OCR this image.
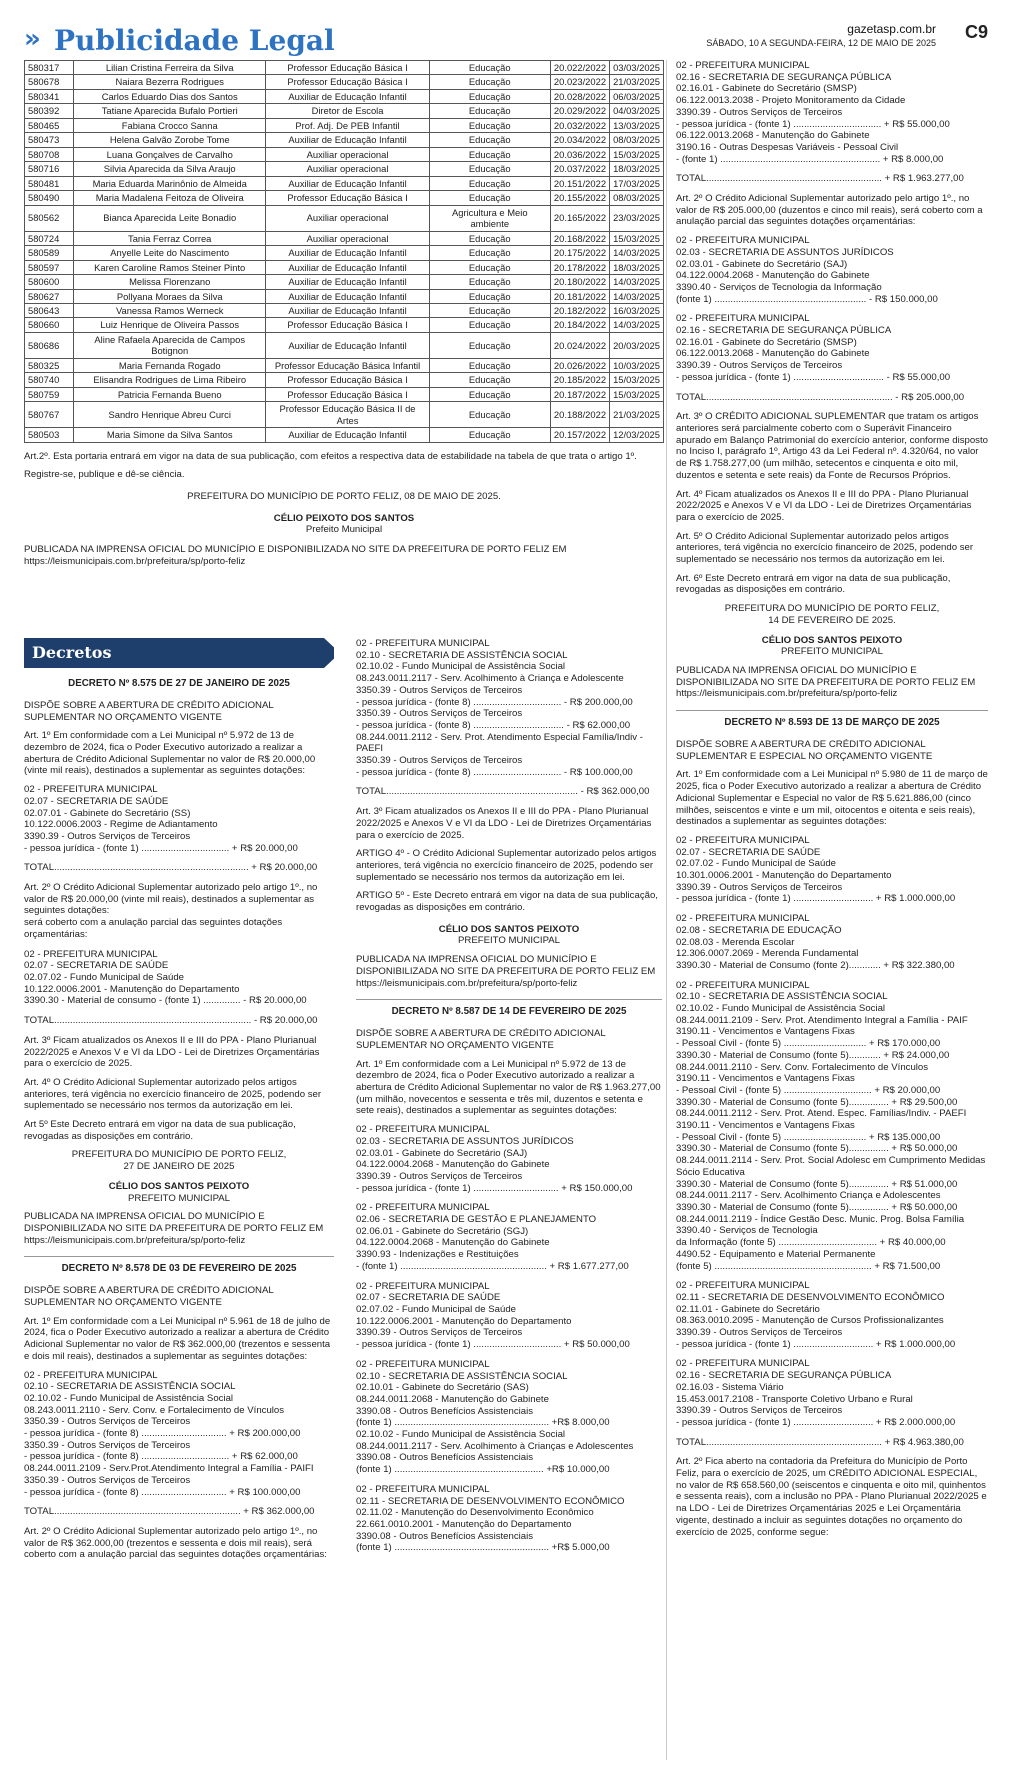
» Publicidade Legal	gazetasp.com.br
SÁBADO, 10 A SEGUNDA-FEIRA, 12 DE MAIO DE 2025
C9
580317	Lilian Cristina Ferreira da Silva	Professor Educação Básica I	Educação	20.022/2022	03/03/2025
580678	Naiara Bezerra Rodrigues	Professor Educação Básica I	Educação	20.023/2022	21/03/2025
580341	Carlos Eduardo Dias dos Santos	Auxiliar de Educação Infantil	Educação	20.028/2022	06/03/2025
580392	Tatiane Aparecida Bufalo Portieri	Diretor de Escola	Educação	20.029/2022	04/03/2025
580465	Fabiana Crocco Sanna	Prof. Adj. De PEB Infantil	Educação	20.032/2022	13/03/2025
580473	Helena Galvão Zorobe Tome	Auxiliar de Educação Infantil	Educação	20.034/2022	08/03/2025
580708	Luana Gonçalves de Carvalho	Auxiliar operacional	Educação	20.036/2022	15/03/2025
580716	Silvia Aparecida da Silva Araujo	Auxiliar operacional	Educação	20.037/2022	18/03/2025
580481	Maria Eduarda Marinônio de Almeida	Auxiliar de Educação Infantil	Educação	20.151/2022	17/03/2025
580490	Maria Madalena Feitoza de Oliveira	Professor Educação Básica I	Educação	20.155/2022	08/03/2025
580562	Bianca Aparecida Leite Bonadio	Auxiliar operacional	Agricultura e Meio ambiente	20.165/2022	23/03/2025
580724	Tania Ferraz Correa	Auxiliar operacional	Educação	20.168/2022	15/03/2025
580589	Anyelle Leite do Nascimento	Auxiliar de Educação Infantil	Educação	20.175/2022	14/03/2025
580597	Karen Caroline Ramos Steiner Pinto	Auxiliar de Educação Infantil	Educação	20.178/2022	18/03/2025
580600	Melissa Florenzano	Auxiliar de Educação Infantil	Educação	20.180/2022	14/03/2025
580627	Pollyana Moraes da Silva	Auxiliar de Educação Infantil	Educação	20.181/2022	14/03/2025
580643	Vanessa Ramos Werneck	Auxiliar de Educação Infantil	Educação	20.182/2022	16/03/2025
580660	Luiz Henrique de Oliveira Passos	Professor Educação Básica I	Educação	20.184/2022	14/03/2025
580686	Aline Rafaela Aparecida de Campos Botignon	Auxiliar de Educação Infantil	Educação	20.024/2022	20/03/2025
580325	Maria Fernanda Rogado	Professor Educação Básica Infantil	Educação	20.026/2022	10/03/2025
580740	Elisandra Rodrigues de Lima Ribeiro	Professor Educação Básica I	Educação	20.185/2022	15/03/2025
580759	Patricia Fernanda Bueno	Professor Educação Básica I	Educação	20.187/2022	15/03/2025
580767	Sandro Henrique Abreu Curci	Professor Educação Básica II de Artes	Educação	20.188/2022	21/03/2025
580503	Maria Simone da Silva Santos	Auxiliar de Educação Infantil	Educação	20.157/2022	12/03/2025

Art.2º. Esta portaria entrará em vigor na data de sua publicação, com efeitos a respectiva data de estabilidade na tabela de que trata o artigo 1º.

Registre-se, publique e dê-se ciência.

PREFEITURA DO MUNICÍPIO DE PORTO FELIZ, 08 DE MAIO DE 2025.

CÉLIO PEIXOTO DOS SANTOS

Prefeito Municipal

PUBLICADA NA IMPRENSA OFICIAL DO MUNICÍPIO E DISPONIBILIZADA NO SITE DA PREFEITURA DE PORTO FELIZ EM https://leismunicipais.com.br/prefeitura/sp/porto-feliz

Decretos
DECRETO Nº 8.575 DE 27 DE JANEIRO DE 2025

DISPÕE SOBRE A ABERTURA DE CRÉDITO ADICIONAL SUPLEMENTAR NO ORÇAMENTO VIGENTE

Art. 1º Em conformidade com a Lei Municipal nº 5.972 de 13 de dezembro de 2024, fica o Poder Executivo autorizado a realizar a abertura de Crédito Adicional Suplementar no valor de R$ 20.000,00 (vinte mil reais), destinados a suplementar as seguintes dotações:

02 - PREFEITURA MUNICIPAL
02.07 - SECRETARIA DE SAÚDE
02.07.01 - Gabinete do Secretário (SS)
10.122.0006.2003 - Regime de Adiantamento
3390.39 - Outros Serviços de Terceiros
- pessoa jurídica - (fonte 1) ................................. + R$ 20.000,00
TOTAL......................................................................... + R$ 20.000,00
Art. 2º O Crédito Adicional Suplementar autorizado pelo artigo 1º., no valor de R$ 20.000,00 (vinte mil reais), destinados a suplementar as seguintes dotações:
será coberto com a anulação parcial das seguintes dotações orçamentárias:
02 - PREFEITURA MUNICIPAL
02.07 - SECRETARIA DE SAÚDE
02.07.02 - Fundo Municipal de Saúde
10.122.0006.2001 - Manutenção do Departamento
3390.30 - Material de consumo - (fonte 1) .............. - R$ 20.000,00
TOTAL.......................................................................... - R$ 20.000,00

Art. 3º Ficam atualizados os Anexos II e III do PPA - Plano Plurianual 2022/2025 e Anexos V e VI da LDO - Lei de Diretrizes Orçamentárias para o exercício de 2025.

Art. 4º O Crédito Adicional Suplementar autorizado pelos artigos anteriores, terá vigência no exercício financeiro de 2025, podendo ser suplementado se necessário nos termos da autorização em lei.

Art 5º Este Decreto entrará em vigor na data de sua publicação, revogadas as disposições em contrário.

PREFEITURA DO MUNICÍPIO DE PORTO FELIZ,
27 DE JANEIRO DE 2025

CÉLIO DOS SANTOS PEIXOTO

PREFEITO MUNICIPAL

PUBLICADA NA IMPRENSA OFICIAL DO MUNICÍPIO E DISPONIBILIZADA NO SITE DA PREFEITURA DE PORTO FELIZ EM https://leismunicipais.com.br/prefeitura/sp/porto-feliz

DECRETO Nº 8.578 DE 03 DE FEVEREIRO DE 2025

DISPÕE SOBRE A ABERTURA DE CRÉDITO ADICIONAL SUPLEMENTAR NO ORÇAMENTO VIGENTE

Art. 1º Em conformidade com a Lei Municipal nº 5.961 de 18 de julho de 2024, fica o Poder Executivo autorizado a realizar a abertura de Crédito Adicional Suplementar no valor de R$ 362.000,00 (trezentos e sessenta e dois mil reais), destinados a suplementar as seguintes dotações:

02 - PREFEITURA MUNICIPAL
02.10 - SECRETARIA DE ASSISTÊNCIA SOCIAL
02.10.02 - Fundo Municipal de Assistência Social
08.243.0011.2110 - Serv. Conv. e Fortalecimento de Vínculos
3350.39 - Outros Serviços de Terceiros
- pessoa jurídica - (fonte 8) ................................ + R$ 200.000,00
3350.39 - Outros Serviços de Terceiros
- pessoa jurídica - (fonte 8) ................................. + R$ 62.000,00
08.244.0011.2109 - Serv.Prot.Atendimento Integral a Família - PAIFI
3350.39 - Outros Serviços de Terceiros
- pessoa jurídica - (fonte 8) ................................ + R$ 100.000,00
TOTAL...................................................................... + R$ 362.000,00

Art. 2º O Crédito Adicional Suplementar autorizado pelo artigo 1º., no valor de R$ 362.000,00 (trezentos e sessenta e dois mil reais), será coberto com a anulação parcial das seguintes dotações orçamentárias:

02 - PREFEITURA MUNICIPAL
02.10 - SECRETARIA DE ASSISTÊNCIA SOCIAL
02.10.02 - Fundo Municipal de Assistência Social
08.243.0011.2117 - Serv. Acolhimento à Criança e Adolescente
3350.39 - Outros Serviços de Terceiros
- pessoa jurídica - (fonte 8) ................................. - R$ 200.000,00
3350.39 - Outros Serviços de Terceiros
- pessoa jurídica - (fonte 8) .................................. - R$ 62.000,00
08.244.0011.2112 - Serv. Prot. Atendimento Especial Família/Indiv - PAEFI
3350.39 - Outros Serviços de Terceiros
- pessoa jurídica - (fonte 8) ................................. - R$ 100.000,00
TOTAL........................................................................ - R$ 362.000,00

Art. 3º Ficam atualizados os Anexos II e III do PPA - Plano Plurianual 2022/2025 e Anexos V e VI da LDO - Lei de Diretrizes Orçamentárias para o exercício de 2025.

ARTIGO 4º - O Crédito Adicional Suplementar autorizado pelos artigos anteriores, terá vigência no exercício financeiro de 2025, podendo ser suplementado se necessário nos termos da autorização em lei.

ARTIGO 5º - Este Decreto entrará em vigor na data de sua publicação, revogadas as disposições em contrário.

CÉLIO DOS SANTOS PEIXOTO

PREFEITO MUNICIPAL

PUBLICADA NA IMPRENSA OFICIAL DO MUNICÍPIO E DISPONIBILIZADA NO SITE DA PREFEITURA DE PORTO FELIZ EM https://leismunicipais.com.br/prefeitura/sp/porto-feliz

DECRETO Nº 8.587 DE 14 DE FEVEREIRO DE 2025

DISPÕE SOBRE A ABERTURA DE CRÉDITO ADICIONAL SUPLEMENTAR NO ORÇAMENTO VIGENTE

Art. 1º Em conformidade com a Lei Municipal nº 5.972 de 13 de dezembro de 2024, fica o Poder Executivo autorizado a realizar a abertura de Crédito Adicional Suplementar no valor de R$ 1.963.277,00 (um milhão, novecentos e sessenta e três mil, duzentos e setenta e sete reais), destinados a suplementar as seguintes dotações:

02 - PREFEITURA MUNICIPAL
02.03 - SECRETARIA DE ASSUNTOS JURÍDICOS
02.03.01 - Gabinete do Secretário (SAJ)
04.122.0004.2068 - Manutenção do Gabinete
3390.39 - Outros Serviços de Terceiros
- pessoa jurídica - (fonte 1) ................................ + R$ 150.000,00
02 - PREFEITURA MUNICIPAL
02.06 - SECRETARIA DE GESTÃO E PLANEJAMENTO
02.06.01 - Gabinete do Secretário (SGJ)
04.122.0004.2068 - Manutenção do Gabinete
3390.93 - Indenizações e Restituições
- (fonte 1) ....................................................... + R$ 1.677.277,00
02 - PREFEITURA MUNICIPAL
02.07 - SECRETARIA DE SAÚDE
02.07.02 - Fundo Municipal de Saúde
10.122.0006.2001 - Manutenção do Departamento
3390.39 - Outros Serviços de Terceiros
- pessoa jurídica - (fonte 1) ................................. + R$ 50.000,00
02 - PREFEITURA MUNICIPAL
02.10 - SECRETARIA DE ASSISTÊNCIA SOCIAL
02.10.01 - Gabinete do Secretário (SAS)
08.244.0011.2068 - Manutenção do Gabinete
3390.08 - Outros Benefícios Assistenciais
(fonte 1) .......................................................... +R$ 8.000,00
02.10.02 - Fundo Municipal de Assistência Social
08.244.0011.2117 - Serv. Acolhimento à Crianças e Adolescentes
3390.08 - Outros Benefícios Assistenciais
(fonte 1) ........................................................ +R$ 10.000,00
02 - PREFEITURA MUNICIPAL
02.11 - SECRETARIA DE DESENVOLVIMENTO ECONÔMICO
02.11.02 - Manutenção do Desenvolvimento Econômico
22.661.0010.2001 - Manutenção do Departamento
3390.08 - Outros Benefícios Assistenciais
(fonte 1) .......................................................... +R$ 5.000,00
02 - PREFEITURA MUNICIPAL
02.16 - SECRETARIA DE SEGURANÇA PÚBLICA
02.16.01 - Gabinete do Secretário (SMSP)
06.122.0013.2038 - Projeto Monitoramento da Cidade
3390.39 - Outros Serviços de Terceiros
- pessoa jurídica - (fonte 1) ................................. + R$ 55.000,00
06.122.0013.2068 - Manutenção do Gabinete
3190.16 - Outras Despesas Variáveis - Pessoal Civil
- (fonte 1) ............................................................ + R$ 8.000,00
TOTAL.................................................................. + R$ 1.963.277,00

Art. 2º O Crédito Adicional Suplementar autorizado pelo artigo 1º., no valor de R$ 205.000,00 (duzentos e cinco mil reais), será coberto com a anulação parcial das seguintes dotações orçamentárias:

02 - PREFEITURA MUNICIPAL
02.03 - SECRETARIA DE ASSUNTOS JURÍDICOS
02.03.01 - Gabinete do Secretário (SAJ)
04.122.0004.2068 - Manutenção do Gabinete
3390.40 - Serviços de Tecnologia da Informação
(fonte 1) ......................................................... - R$ 150.000,00
02 - PREFEITURA MUNICIPAL
02.16 - SECRETARIA DE SEGURANÇA PÚBLICA
02.16.01 - Gabinete do Secretário (SMSP)
06.122.0013.2068 - Manutenção do Gabinete
3390.39 - Outros Serviços de Terceiros
- pessoa jurídica - (fonte 1) .................................. - R$ 55.000,00
TOTAL...................................................................... - R$ 205.000,00

Art. 3º O CRÉDITO ADICIONAL SUPLEMENTAR que tratam os artigos anteriores será parcialmente coberto com o Superávit Financeiro apurado em Balanço Patrimonial do exercício anterior, conforme disposto no Inciso I, parágrafo 1º, Artigo 43 da Lei Federal nº. 4.320/64, no valor de R$ 1.758.277,00 (um milhão, setecentos e cinquenta e oito mil, duzentos e setenta e sete reais) da Fonte de Recursos Próprios.

Art. 4º Ficam atualizados os Anexos II e III do PPA - Plano Plurianual 2022/2025 e Anexos V e VI da LDO - Lei de Diretrizes Orçamentárias para o exercício de 2025.

Art. 5º O Crédito Adicional Suplementar autorizado pelos artigos anteriores, terá vigência no exercício financeiro de 2025, podendo ser suplementado se necessário nos termos da autorização em lei.

Art. 6º Este Decreto entrará em vigor na data de sua publicação, revogadas as disposições em contrário.

PREFEITURA DO MUNICÍPIO DE PORTO FELIZ,
14 DE FEVEREIRO DE 2025.

CÉLIO DOS SANTOS PEIXOTO

PREFEITO MUNICIPAL

PUBLICADA NA IMPRENSA OFICIAL DO MUNICÍPIO E DISPONIBILIZADA NO SITE DA PREFEITURA DE PORTO FELIZ EM https://leismunicipais.com.br/prefeitura/sp/porto-feliz

DECRETO Nº 8.593 DE 13 DE MARÇO DE 2025

DISPÕE SOBRE A ABERTURA DE CRÉDITO ADICIONAL SUPLEMENTAR E ESPECIAL NO ORÇAMENTO VIGENTE

Art. 1º Em conformidade com a Lei Municipal nº 5.980 de 11 de março de 2025, fica o Poder Executivo autorizado a realizar a abertura de Crédito Adicional Suplementar e Especial no valor de R$ 5.621.886,00 (cinco milhões, seiscentos e vinte e um mil, oitocentos e oitenta e seis reais), destinados a suplementar as seguintes dotações:

02 - PREFEITURA MUNICIPAL
02.07 - SECRETARIA DE SAÚDE
02.07.02 - Fundo Municipal de Saúde
10.301.0006.2001 - Manutenção do Departamento
3390.39 - Outros Serviços de Terceiros
- pessoa jurídica - (fonte 1) .............................. + R$ 1.000.000,00
02 - PREFEITURA MUNICIPAL
02.08 - SECRETARIA DE EDUCAÇÃO
02.08.03 - Merenda Escolar
12.306.0007.2069 - Merenda Fundamental
3390.30 - Material de Consumo (fonte 2)............ + R$ 322.380,00
02 - PREFEITURA MUNICIPAL
02.10 - SECRETARIA DE ASSISTÊNCIA SOCIAL
02.10.02 - Fundo Municipal de Assistência Social
08.244.0011.2109 - Serv. Prot. Atendimento Integral a Família - PAIF
3190.11 - Vencimentos e Vantagens Fixas
- Pessoal Civil - (fonte 5) ............................... + R$ 170.000,00
3390.30 - Material de Consumo (fonte 5)............ + R$ 24.000,00
08.244.0011.2110 - Serv. Conv. Fortalecimento de Vínculos
3190.11 - Vencimentos e Vantagens Fixas
- Pessoal Civil - (fonte 5) ................................. + R$ 20.000,00
3390.30 - Material de Consumo (fonte 5)............... + R$ 29.500,00
08.244.0011.2112 - Serv. Prot. Atend. Espec. Famílias/Indiv. - PAEFI
3190.11 - Vencimentos e Vantagens Fixas
- Pessoal Civil - (fonte 5) ............................... + R$ 135.000,00
3390.30 - Material de Consumo (fonte 5)............... + R$ 50.000,00
08.244.0011.2114 - Serv. Prot. Social Adolesc em Cumprimento Medidas Sócio Educativa
3390.30 - Material de Consumo (fonte 5)............... + R$ 51.000,00
08.244.0011.2117 - Serv. Acolhimento Criança e Adolescentes
3390.30 - Material de Consumo (fonte 5)............... + R$ 50.000,00
08.244.0011.2119 - Índice Gestão Desc. Munic. Prog. Bolsa Família
3390.40 - Serviços de Tecnologia
da Informação (fonte 5) ..................................... + R$ 40.000,00
4490.52 - Equipamento e Material Permanente
(fonte 5) ........................................................... + R$ 71.500,00
02 - PREFEITURA MUNICIPAL
02.11 - SECRETARIA DE DESENVOLVIMENTO ECONÔMICO
02.11.01 - Gabinete do Secretário
08.363.0010.2095 - Manutenção de Cursos Profissionalizantes
3390.39 - Outros Serviços de Terceiros
- pessoa jurídica - (fonte 1) .............................. + R$ 1.000.000,00
02 - PREFEITURA MUNICIPAL
02.16 - SECRETARIA DE SEGURANÇA PÚBLICA
02.16.03 - Sistema Viário
15.453.0017.2108 - Transporte Coletivo Urbano e Rural
3390.39 - Outros Serviços de Terceiros
- pessoa jurídica - (fonte 1) .............................. + R$ 2.000.000,00
TOTAL.................................................................. + R$ 4.963.380,00

Art. 2º Fica aberto na contadoria da Prefeitura do Município de Porto Feliz, para o exercício de 2025, um CRÉDITO ADICIONAL ESPECIAL, no valor de R$ 658.560,00 (seiscentos e cinquenta e oito mil, quinhentos e sessenta reais), com a inclusão no PPA - Plano Plurianual 2022/2025 e na LDO - Lei de Diretrizes Orçamentárias 2025 e Lei Orçamentária vigente, destinado a incluir as seguintes dotações no orçamento do exercício de 2025, conforme segue:
